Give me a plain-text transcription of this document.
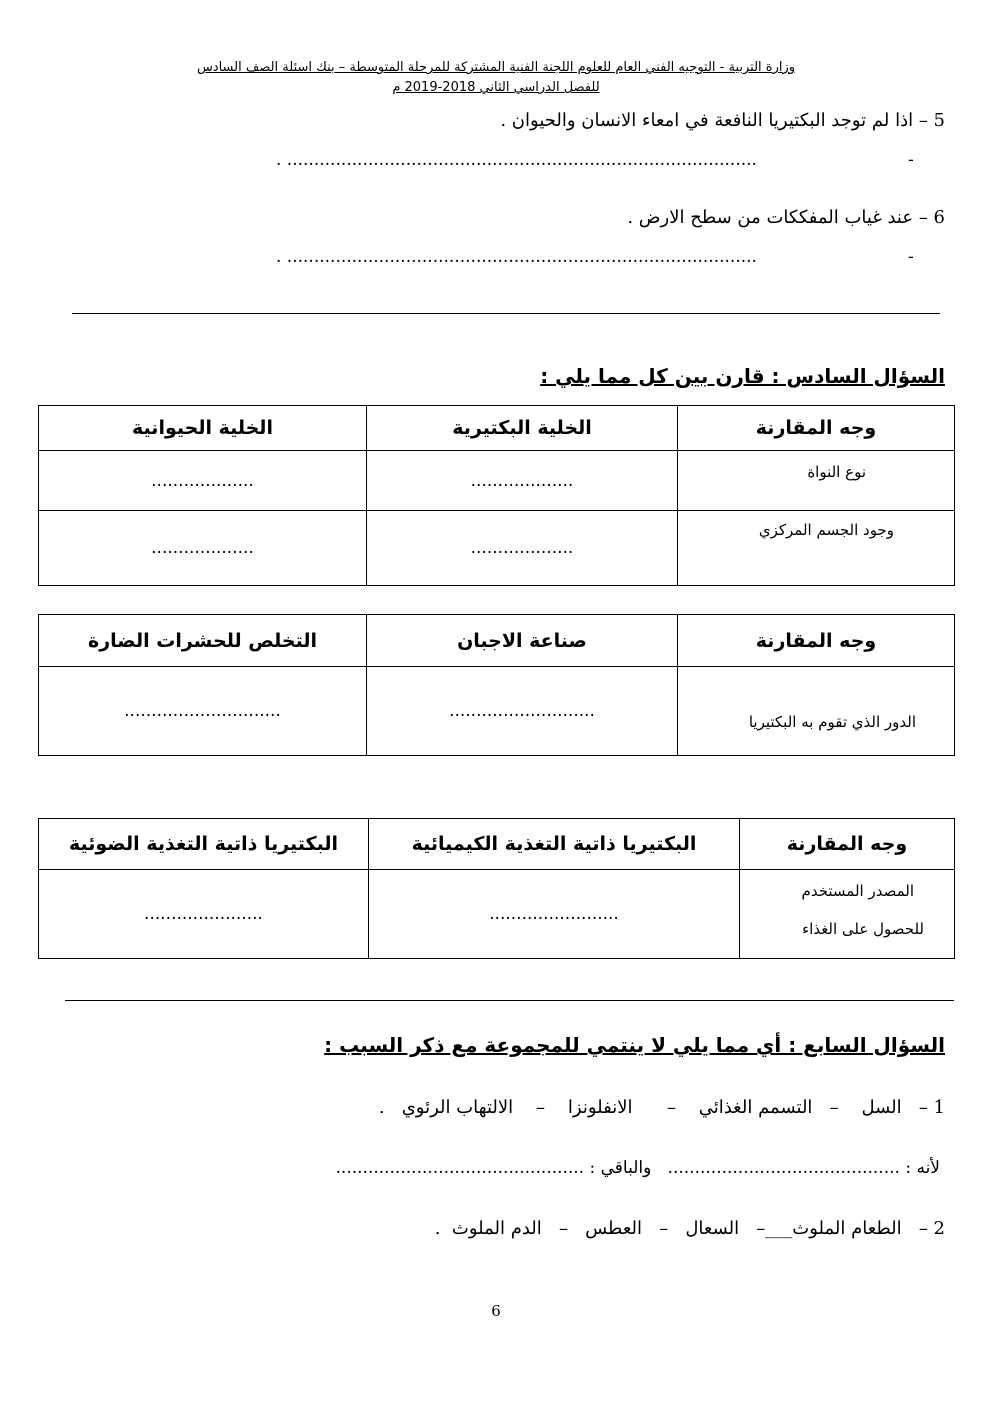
وزارة التربية - التوجيه الفني العام للعلوم اللجنة الفنية المشتركة للمرحلة المتوسطة – بنك اسئلة الصف السادس
للفصل الدراسي الثاني 2018-2019 م
5 – اذا لم توجد البكتيريا النافعة في امعاء الانسان والحيوان .
. .......................................................................................	-
6 – عند غياب المفككات من سطح الارض .
. .......................................................................................	-
السؤال السادس : قارن بين كل مما يلي :
وجه المقارنة	الخلية البكتيرية	الخلية الحيوانية

نوع النواة	...................	...................

وجود الجسم المركزي	...................	...................
وجه المقارنة	صناعة الاجبان	التخلص للحشرات الضارة

الدور الذي تقوم به البكتيريا	...........................	.............................
وجه المقارنة	البكتيريا ذاتية التغذية الكيميائية	البكتيريا ذاتية التغذية الضوئية

المصدر المستخدم
للحصول على الغذاء	........................	......................
السؤال السابع : أي مما يلي لا ينتمي للمجموعة مع ذكر السبب :
1 –   السل    –   التسمم الغذائي    –      الانفلونزا    –    الالتهاب الرئوي   .
لأنه : ...........................................   والباقي : ..............................................
2 –   الطعام الملوث___–   السعال   –   العطس   –   الدم الملوث  .
6
